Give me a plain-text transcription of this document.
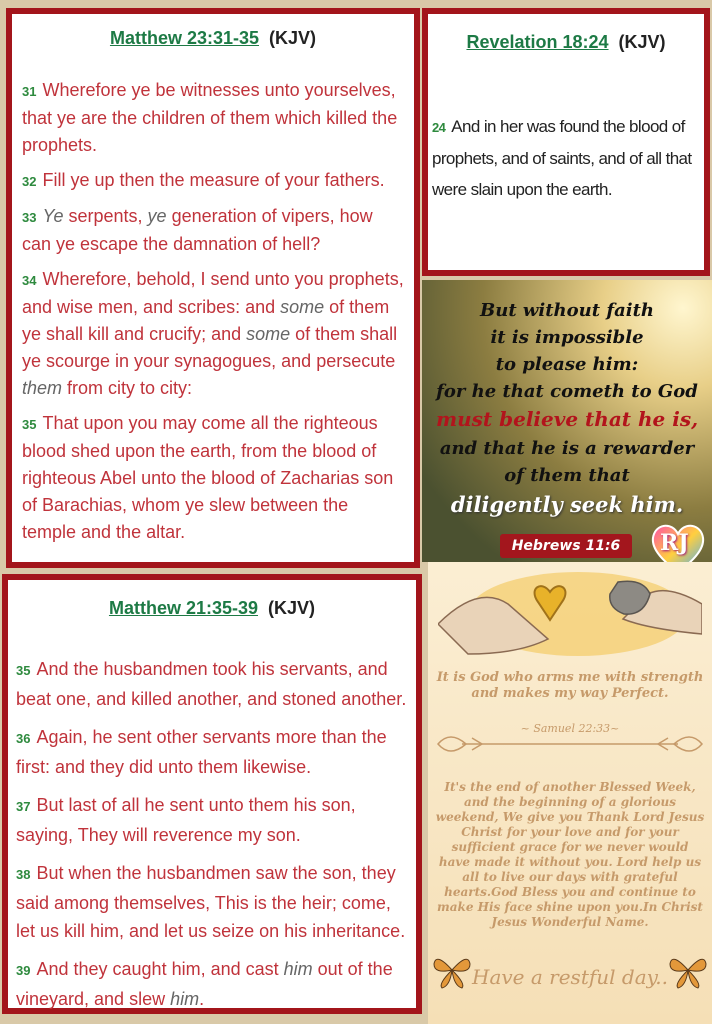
Matthew 23:31-35 (KJV)

31 Wherefore ye be witnesses unto yourselves, that ye are the children of them which killed the prophets.

32 Fill ye up then the measure of your fathers.

33 Ye serpents, ye generation of vipers, how can ye escape the damnation of hell?

34 Wherefore, behold, I send unto you prophets, and wise men, and scribes: and some of them ye shall kill and crucify; and some of them shall ye scourge in your synagogues, and persecute them from city to city:

35 That upon you may come all the righteous blood shed upon the earth, from the blood of righteous Abel unto the blood of Zacharias son of Barachias, whom ye slew between the temple and the altar.

Revelation 18:24 (KJV)

24 And in her was found the blood of prophets, and of saints, and of all that were slain upon the earth.

But without faith
it is impossible
to please him:
for he that cometh to God
must believe that he is,
and that he is a rewarder
of them that
diligently seek him.
Hebrews 11:6	RJ
It is God who arms me with strength and makes my way Perfect.
~ Samuel 22:33~
It's the end of another Blessed Week, and the beginning of a glorious weekend, We give you Thank Lord Jesus Christ for your love and for your sufficient grace for we never would have made it without you. Lord help us all to live our days with grateful hearts.God Bless you and continue to make His face shine upon you.In Christ Jesus Wonderful Name.
Have a restful day..
Matthew 21:35-39 (KJV)

35 And the husbandmen took his servants, and beat one, and killed another, and stoned another.

36 Again, he sent other servants more than the first: and they did unto them likewise.

37 But last of all he sent unto them his son, saying, They will reverence my son.

38 But when the husbandmen saw the son, they said among themselves, This is the heir; come, let us kill him, and let us seize on his inheritance.

39 And they caught him, and cast him out of the vineyard, and slew him.
